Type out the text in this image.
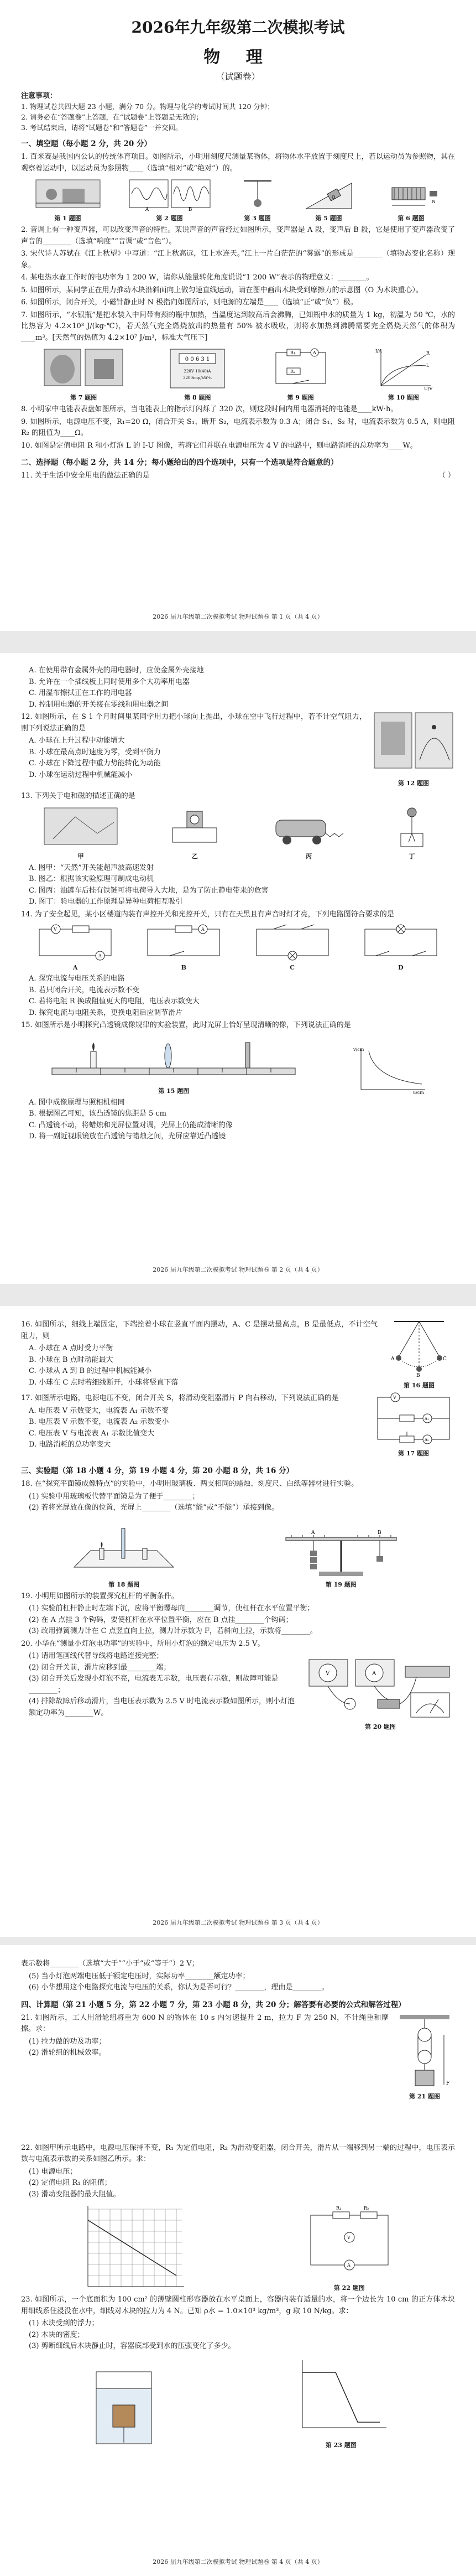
2026年九年级第二次模拟考试
物 理
（试题卷）
注意事项：
1. 物理试卷共四大题 23 小题，满分 70 分。物理与化学的考试时间共 120 分钟；
2. 请务必在“答题卷”上答题，在“试题卷”上答题是无效的；
3. 考试结束后，请将“试题卷”和“答题卷”一并交回。
一、填空题（每小题 2 分，共 20 分）
1. 百米赛是我国内公认的传统体育项目。如图所示，小明用刻度尺测量某物体，将物体水平放置于刻度尺上，若以运动员为参照物，其在观察着运动中，以运动员为参照物____（选填“相对”或“绝对”）的。
第 1 题图
A	B
第 2 题图	第 3 题图
O
第 5 题图
N
第 6 题图
2. 音调上有一种变声器，可以改变声音的特性。某说声音的声音经过如图所示，变声器是 A 段，变声后 B 段，它是使用了变声器改变了声音的________（选填“响度”“音调”或“音色”）。
3. 宋代诗人苏轼在《江上秋望》中写道：“江上秋高远，江上水连天。”江上一片白茫茫的“雾露”的形成是________（填物态变化名称）现象。
4. 某电热水壶工作时的电功率为 1 200 W，请你从能量转化角度说说“1 200 W”表示的物理意义：________。
5. 如图所示，某同学正在用力推动木块沿斜面向上做匀速直线运动，请在图中画出木块受到摩擦力的示意图（O 为木块重心）。
6. 如图所示，闭合开关，小磁针静止时 N 极指向如图所示，则电源的左端是____（选填“正”或“负”）极。
7. 如图所示，“水银瓶”是把水装入中间带有颈的瓶中加热，当温度达到较高后会沸腾，已知瓶中水的质量为 1 kg，初温为 50 ℃，水的比热容为 4.2×10³ J/(kg·℃)，若天然气完全燃烧放出的热量有 50% 被水吸收，则将水加热到沸腾需要完全燃烧天然气的体积为____m³。[天然气的热值为 4.2×10⁷ J/m³，标准大气压下]
第 7 题图
0 0 6 3 1
220V 10(40)A
3200imp/kW·h
第 8 题图
R₁
R₂
A
第 9 题图
I/A
U/V
R
L
第 10 题图
8. 小明家中电能表表盘如图所示，当电能表上的指示灯闪烁了 320 次，则这段时间内用电器消耗的电能是____kW·h。
9. 如图所示，电源电压不变，R₁=20 Ω，闭合开关 S₁、断开 S₂，电流表示数为 0.3 A；闭合 S₁、S₂ 时，电流表示数为 0.5 A，则电阻 R₂ 的阻值为____Ω。
10. 如图是定值电阻 R 和小灯泡 L 的 I-U 图像，若将它们并联在电源电压为 4 V 的电路中，则电路消耗的总功率为____W。
二、选择题（每小题 2 分，共 14 分；每小题给出的四个选项中，只有一个选项是符合题意的）
11. 关于生活中安全用电的做法正确的是	（ ）
2026 届九年级第二次模拟考试 物理试题卷 第 1 页（共 4 页）
A. 在使用带有金属外壳的用电器时，应使金属外壳接地
B. 允许在一个插线板上同时使用多个大功率用电器
C. 用湿布擦拭正在工作的用电器
D. 控制用电器的开关接在零线和用电器之间
第 12 题图
12. 如图所示，在 S 1 个月时间里某同学用力把小球向上抛出，小球在空中飞行过程中，若不计空气阻力，则下列说法正确的是
A. 小球在上升过程中动能增大
B. 小球在最高点时速度为零，受到平衡力
C. 小球在下降过程中重力势能转化为动能
D. 小球在运动过程中机械能减小
13. 下列关于电和磁的描述正确的是
甲	乙	丙	丁
A. 图甲：“天然”开关能超声波高速发射
B. 图乙：根据该实验原理可制成电动机
C. 图丙：油罐车后挂有铁链可将电荷导入大地，是为了防止静电带来的危害
D. 图丁：验电器的工作原理是异种电荷相互吸引
14. 为了安全起见，某小区楼道内装有声控开关和光控开关，只有在天黑且有声音时灯才亮，下列电路图符合要求的是
V
A
A
A
B	C	D
A. 探究电流与电压关系的电路
B. 若只闭合开关，电流表示数不变
C. 若将电阻 R 换成阻值更大的电阻，电压表示数变大
D. 探究电流与电阻关系，更换电阻后应调节滑片
15. 如图所示是小明探究凸透镜成像规律的实验装置，此时光屏上恰好呈现清晰的像，下列说法正确的是
第 15 题图
v/cm
u/cm
A. 图中成像原理与照相机相同
B. 根据图乙可知，该凸透镜的焦距是 5 cm
C. 凸透镜不动，将蜡烛和光屏位置对调，光屏上仍能成清晰的像
D. 将一副近视眼镜放在凸透镜与蜡烛之间，光屏应靠近凸透镜
2026 届九年级第二次模拟考试 物理试题卷 第 2 页（共 4 页）
A
B
C
第 16 题图
16. 如图所示，细线上端固定，下端拴着小球在竖直平面内摆动，A、C 是摆动最高点，B 是最低点，不计空气阻力，则
A. 小球在 A 点时受力平衡
B. 小球在 B 点时动能最大
C. 小球从 A 到 B 的过程中机械能减小
D. 小球在 C 点时若细线断开，小球将竖直下落
V
A₁
A₂
第 17 题图
17. 如图所示电路，电源电压不变，闭合开关 S，将滑动变阻器滑片 P 向右移动，下列说法正确的是
A. 电压表 V 示数变大，电流表 A₁ 示数不变
B. 电压表 V 示数不变，电流表 A₂ 示数变小
C. 电压表 V 与电流表 A₁ 示数比值变大
D. 电路消耗的总功率变大
三、实验题（第 18 小题 4 分，第 19 小题 4 分，第 20 小题 8 分，共 16 分）
18. 在“探究平面镜成像特点”的实验中，小明用玻璃板、两支相同的蜡烛、刻度尺、白纸等器材进行实验。
(1) 实验中用玻璃板代替平面镜是为了便于________；
(2) 若将光屏放在像的位置，光屏上________（选填“能”或“不能”）承接到像。
第 18 题图
A	B
第 19 题图
19. 小明用如图所示的装置探究杠杆的平衡条件。
(1) 实验前杠杆静止时左端下沉，应将平衡螺母向________调节，使杠杆在水平位置平衡；
(2) 在 A 点挂 3 个钩码，要使杠杆在水平位置平衡，应在 B 点挂________个钩码；
(3) 改用弹簧测力计在 C 点竖直向上拉，测力计示数为 F，若斜向上拉，示数将________。
V	A
第 20 题图
20. 小华在“测量小灯泡电功率”的实验中，所用小灯泡的额定电压为 2.5 V。
(1) 请用笔画线代替导线将电路连接完整；
(2) 闭合开关前，滑片应移到最________端；
(3) 闭合开关后发现小灯泡不亮，电流表无示数，电压表有示数，则故障可能是________；
(4) 排除故障后移动滑片，当电压表示数为 2.5 V 时电流表示数如图所示，则小灯泡额定功率为________W。
2026 届九年级第二次模拟考试 物理试题卷 第 3 页（共 4 页）
表示数将________（选填“大于”“小于”或“等于”）2 V；
(5) 当小灯泡两端电压低于额定电压时，实际功率________额定功率；
(6) 小华想用这个电路探究电流与电压的关系，你认为是否可行？________，理由是________。
四、计算题（第 21 小题 5 分，第 22 小题 7 分，第 23 小题 8 分，共 20 分；解答要有必要的公式和解答过程）
F
第 21 题图
21. 如图所示，工人用滑轮组将重为 600 N 的物体在 10 s 内匀速提升 2 m，拉力 F 为 250 N，不计绳重和摩擦。求：
(1) 拉力做的功及功率；
(2) 滑轮组的机械效率。
22. 如图甲所示电路中，电源电压保持不变，R₁ 为定值电阻，R₂ 为滑动变阻器，闭合开关，滑片从一端移到另一端的过程中，电压表示数与电流表示数的关系如图乙所示。求：
(1) 电源电压；
(2) 定值电阻 R₁ 的阻值；
(3) 滑动变阻器的最大阻值。
R₁	R₂
A
V
第 22 题图
23. 如图所示，一个底面积为 100 cm² 的薄壁圆柱形容器放在水平桌面上，容器内装有适量的水，将一个边长为 10 cm 的正方体木块用细线系住浸没在水中，细线对木块的拉力为 4 N。已知 ρ水 = 1.0×10³ kg/m³，g 取 10 N/kg。求：
(1) 木块受到的浮力；
(2) 木块的密度；
(3) 剪断细线后木块静止时，容器底部受到水的压强变化了多少。
第 23 题图
2026 届九年级第二次模拟考试 物理试题卷 第 4 页（共 4 页）
